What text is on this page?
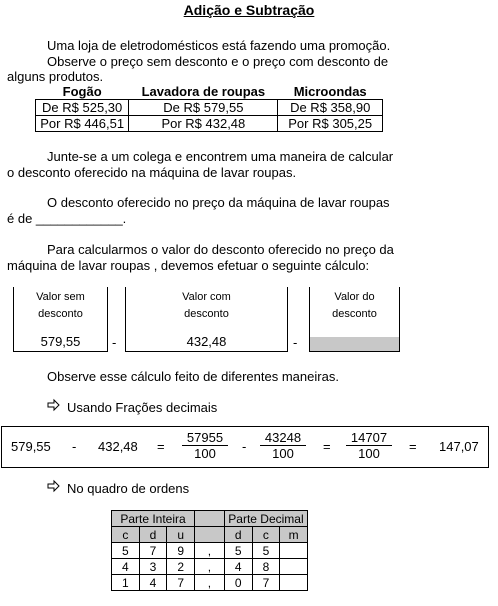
Adição e Subtração
Uma loja de eletrodomésticos está fazendo uma promoção.
Observe o preço sem desconto e o preço com desconto de
alguns produtos.
Fogão	Lavadora de roupas	Microondas
De R$ 525,30	De R$ 579,55	De R$ 358,90
Por R$ 446,51	Por R$ 432,48	Por R$ 305,25
Junte-se a um colega e encontrem uma maneira de calcular
o desconto oferecido na máquina de lavar roupas.
O desconto oferecido no preço da máquina de lavar roupas
é de ____________.
Para calcularmos o valor do desconto oferecido no preço da
máquina de lavar roupas , devemos efetuar o seguinte cálculo:
Valor sem
desconto
579,55	-
Valor com
desconto
432,48	-
Valor do
desconto
Observe esse cálculo feito de diferentes maneiras.
Usando Frações decimais
$579,55 - 432,48 = \frac{57955}{100} - \frac{43248}{100} = \frac{14707}{100} = 147,07$
No quadro de ordens
Parte Inteira				Parte Decimal		
c	d	u		d	c	m
5	7	9	,	5	5	
4	3	2	,	4	8	
1	4	7	,	0	7	
